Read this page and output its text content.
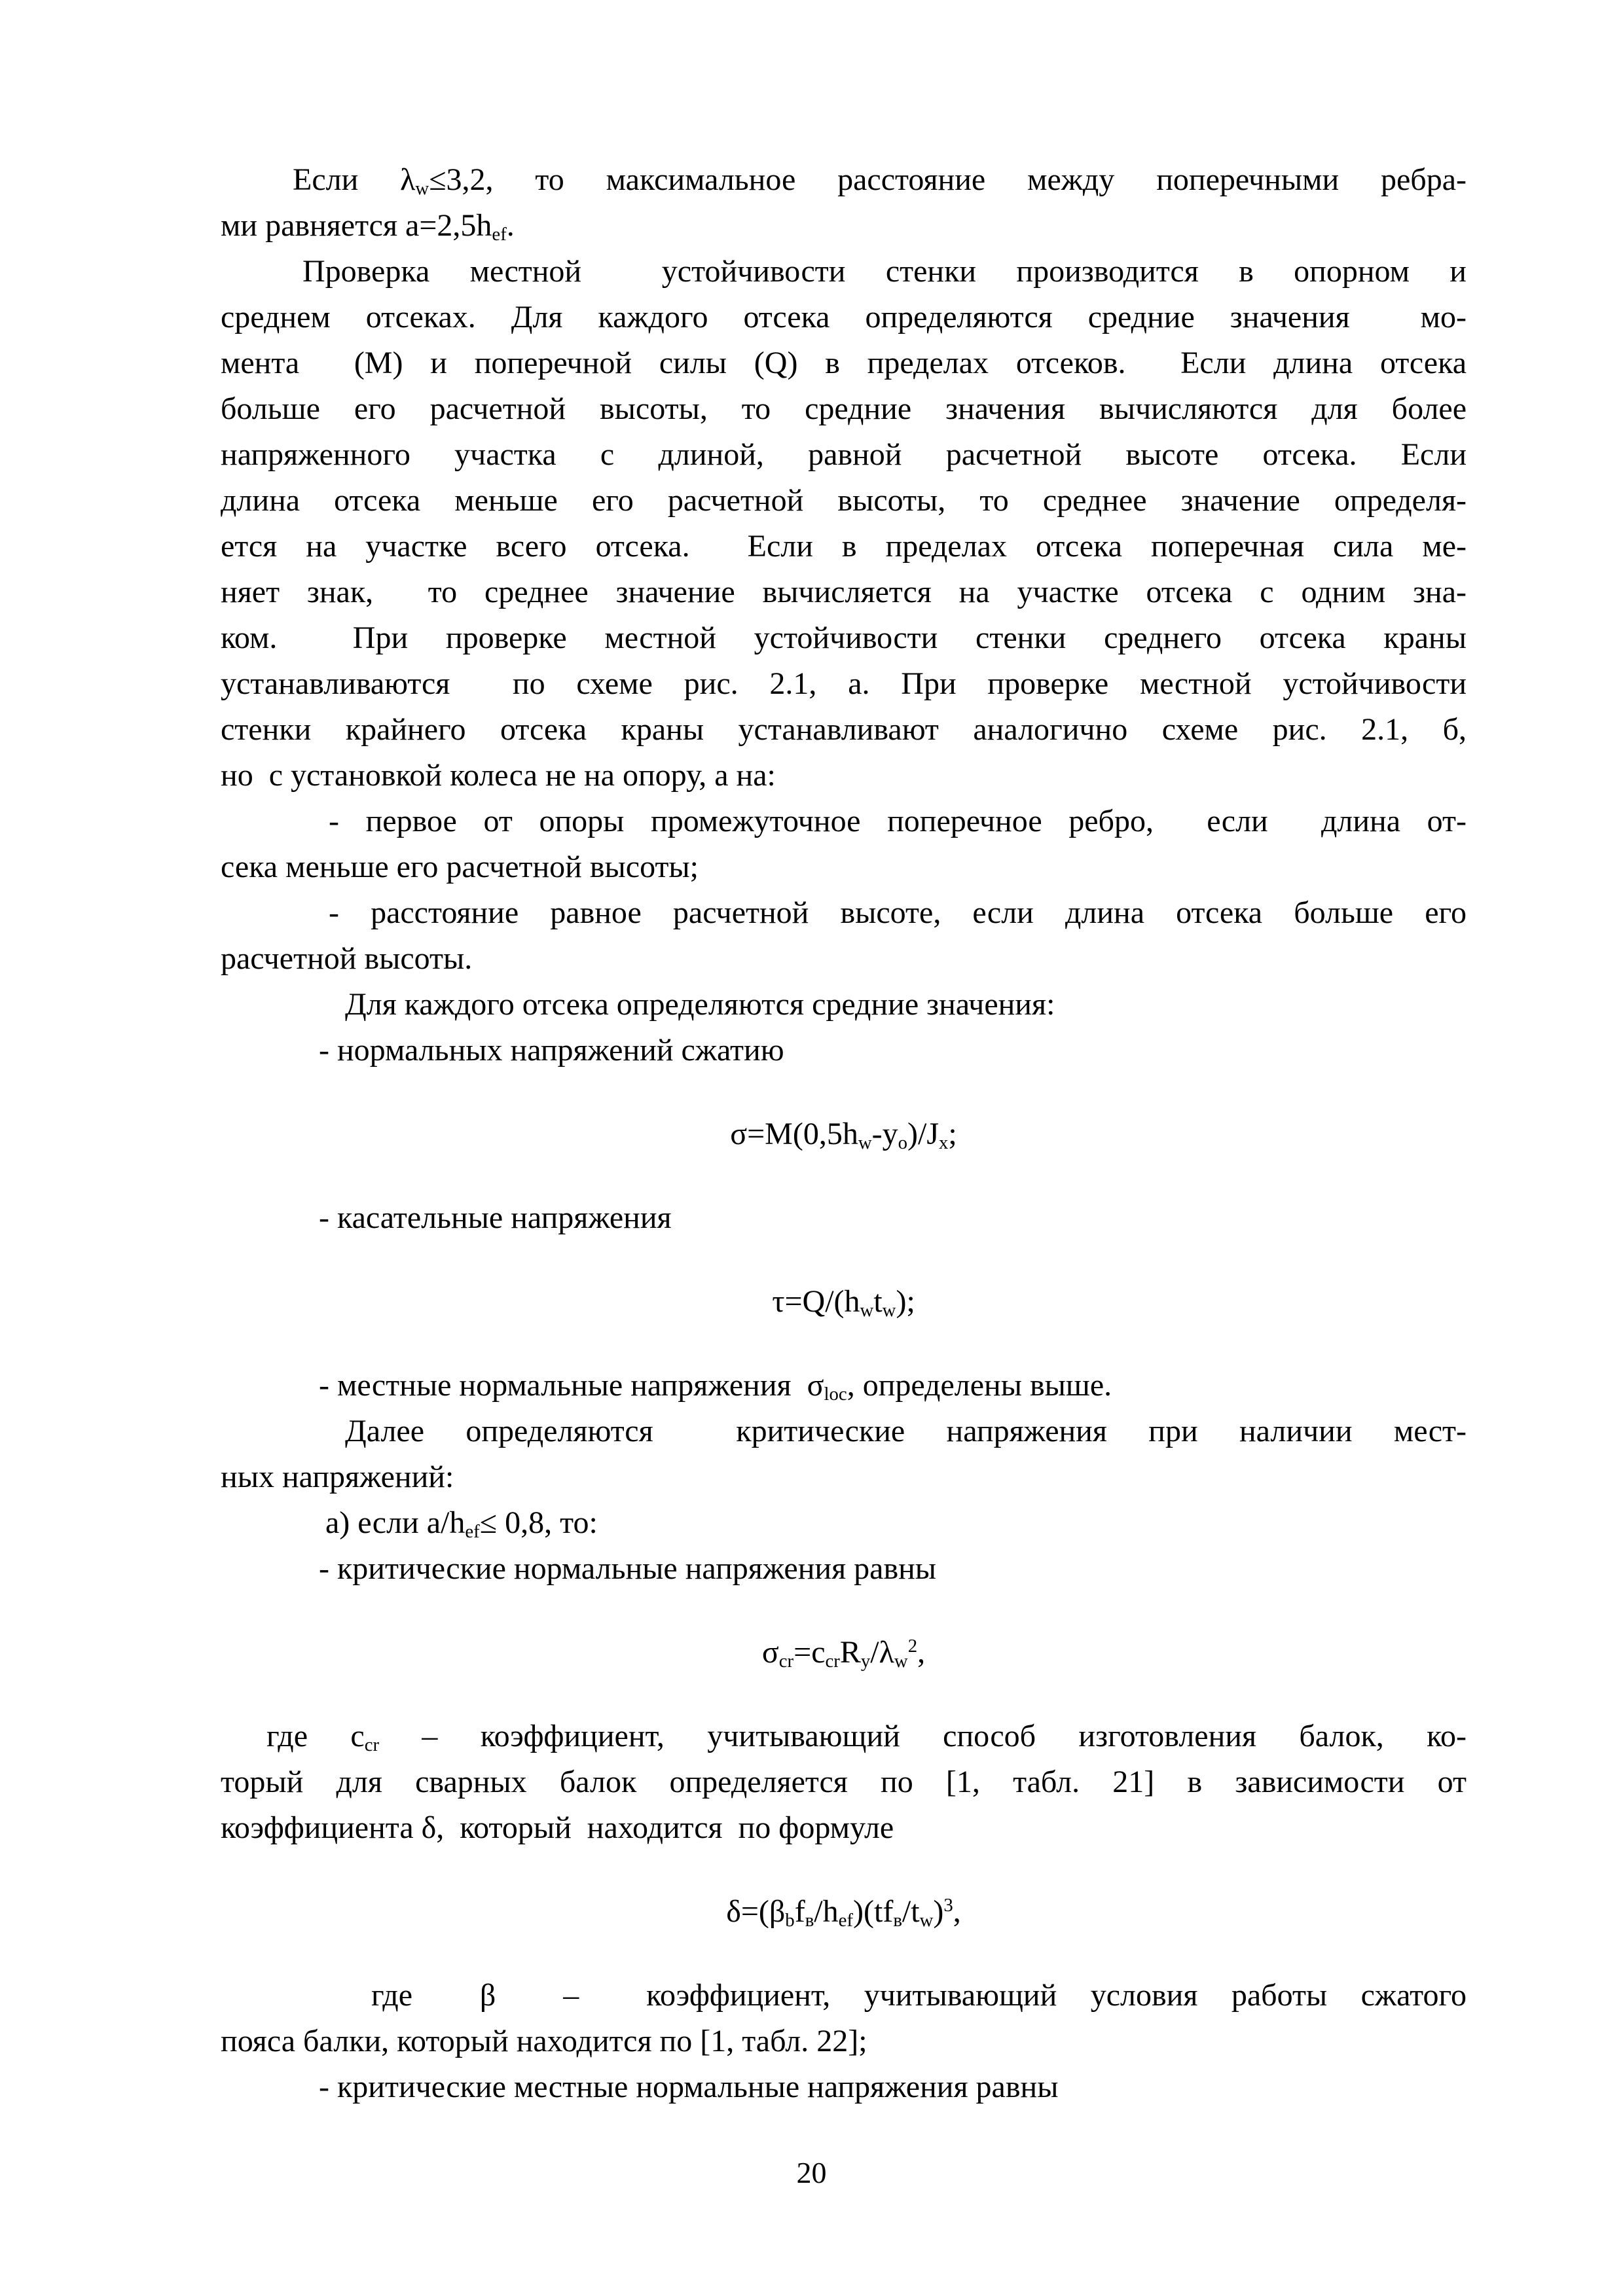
Если $\lambda_w\le 3,2$, то максимальное расстояние между поперечными ребра-
ми равняется $a=2,5h_{ef}$.
Проверка местной  устойчивости стенки производится в опорном и
среднем отсеках. Для каждого отсека определяются средние значения  мо-
мента  (М) и поперечной силы (Q) в пределах отсеков.  Если длина отсека
больше его расчетной высоты, то средние значения вычисляются для более
напряженного участка с длиной, равной расчетной высоте отсека. Если
длина отсека меньше его расчетной высоты, то среднее значение определя-
ется на участке всего отсека.  Если в пределах отсека поперечная сила ме-
няет знак,  то среднее значение вычисляется на участке отсека с одним зна-
ком.  При проверке местной устойчивости стенки среднего отсека краны
устанавливаются  по схеме рис. 2.1, а. При проверке местной устойчивости
стенки крайнего отсека краны устанавливают аналогично схеме рис. 2.1, б,
но  с установкой колеса не на опору, а на:
- первое от опоры промежуточное поперечное ребро,  если  длина от-
сека меньше его расчетной высоты;
- расстояние равное расчетной высоте, если длина отсека больше его
расчетной высоты.
Для каждого отсека определяются средние значения:
- нормальных напряжений сжатию
$\sigma=M(0,5h_w-y_o)/J_x$;
- касательные напряжения
$\tau=Q/(h_wt_w)$;
- местные нормальные напряжения  $\sigma_{loc}$, определены выше.
Далее определяются  критические напряжения при наличии мест-
ных напряжений:
а) если $a/h_{ef}\le 0,8$, то:
- критические нормальные напряжения равны
$\sigma_{cr}=c_{cr}R_y/\lambda_w^2$,
где $c_{cr}$ – коэффициент, учитывающий способ изготовления балок, ко-
торый для сварных балок определяется по [1, табл. 21] в зависимости от
коэффициента δ,  который  находится  по формуле
$\delta=(\beta_bf_в/h_{ef})(tf_в/t_w)^3$,
где  β  –  коэффициент, учитывающий условия работы сжатого
пояса балки, который находится по [1, табл. 22];
- критические местные нормальные напряжения равны
20
